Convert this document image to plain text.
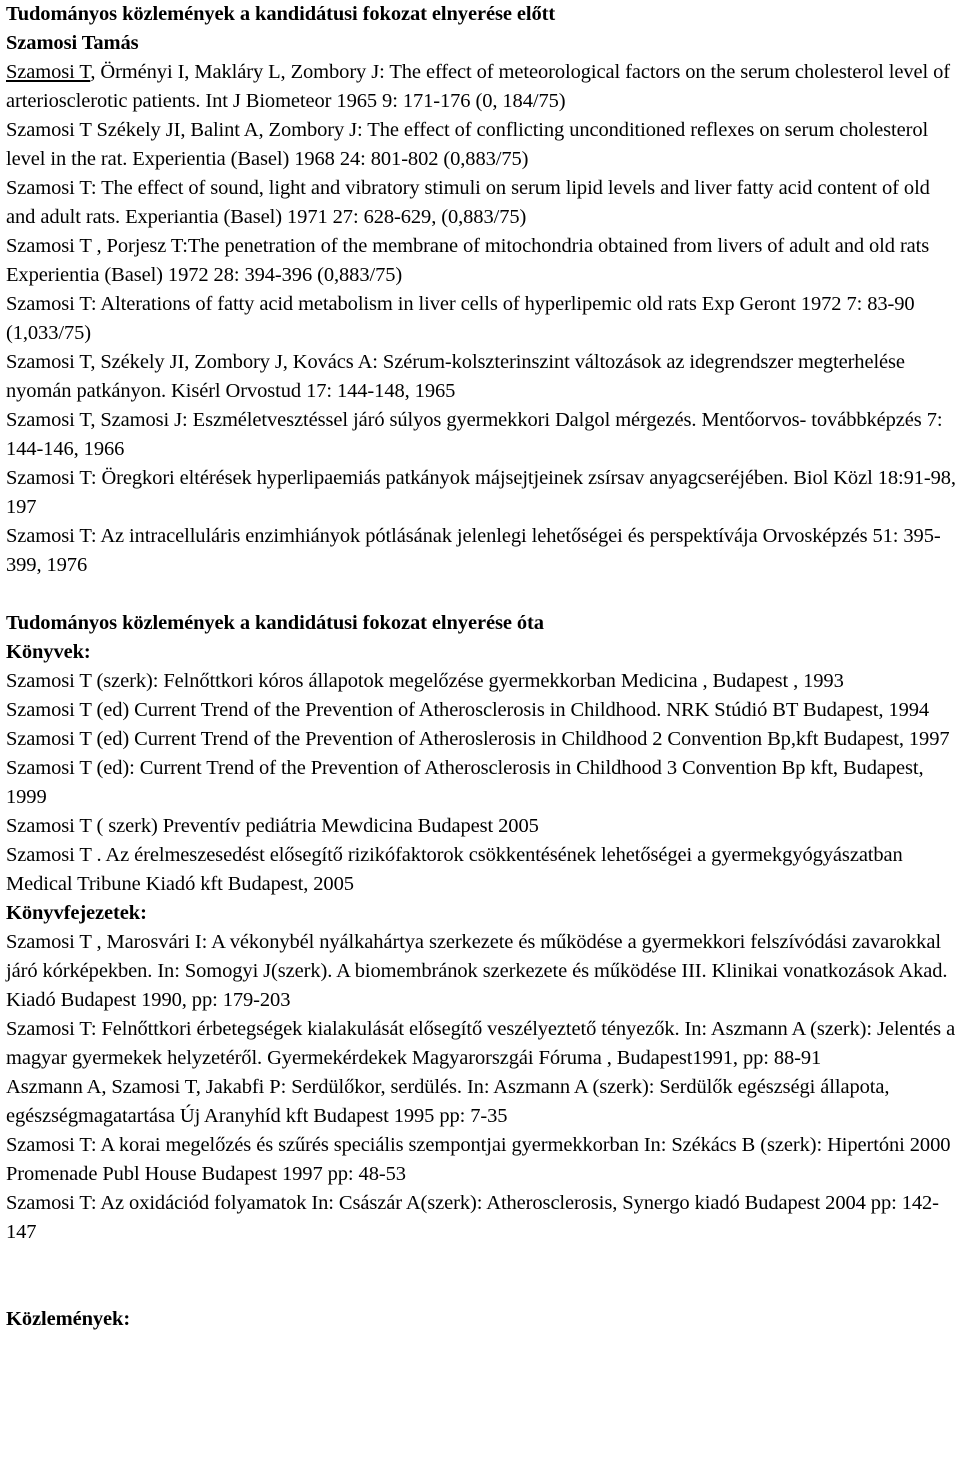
Tudományos közlemények a kandidátusi fokozat elnyerése előtt

Szamosi Tamás

Szamosi T, Örményi I, Makláry L, Zombory J: The effect of meteorological factors on the serum cholesterol level of arteriosclerotic patients. Int J Biometeor 1965 9: 171-176 (0, 184/75)

Szamosi T Székely JI, Balint A, Zombory J: The effect of conflicting unconditioned reflexes on serum cholesterol level in the rat. Experientia (Basel) 1968 24: 801-802 (0,883/75)

Szamosi T: The effect of sound, light and vibratory stimuli on serum lipid levels and liver fatty acid content of old and adult rats. Experiantia (Basel) 1971 27: 628-629, (0,883/75)

Szamosi T , Porjesz T:The penetration of the membrane of mitochondria obtained from livers of adult and old rats Experientia (Basel) 1972 28: 394-396 (0,883/75)

Szamosi T: Alterations of fatty acid metabolism in liver cells of hyperlipemic old rats Exp Geront 1972 7: 83-90 (1,033/75)

Szamosi T, Székely JI, Zombory J, Kovács A: Szérum-kolszterinszint változások az idegrendszer megterhelése nyomán patkányon. Kisérl Orvostud 17: 144-148, 1965

Szamosi T, Szamosi J: Eszméletvesztéssel járó súlyos gyermekkori Dalgol mérgezés. Mentőorvos- továbbképzés 7: 144-146, 1966

Szamosi T: Öregkori eltérések hyperlipaemiás patkányok májsejtjeinek zsírsav anyagcseréjében. Biol Közl 18:91-98, 197

Szamosi T: Az intracelluláris enzimhiányok pótlásának jelenlegi lehetőségei és perspektívája Orvosképzés 51: 395-399, 1976

Tudományos közlemények a kandidátusi fokozat elnyerése óta

Könyvek:

Szamosi T (szerk): Felnőttkori kóros állapotok megelőzése gyermekkorban Medicina , Budapest , 1993

Szamosi T (ed) Current Trend of the Prevention of Atherosclerosis in Childhood. NRK Stúdió BT Budapest, 1994

Szamosi T (ed) Current Trend of the Prevention of Atheroslerosis in Childhood 2 Convention Bp,kft Budapest, 1997

Szamosi T (ed): Current Trend of the Prevention of Atherosclerosis in Childhood 3 Convention Bp kft, Budapest, 1999

Szamosi T ( szerk) Preventív pediátria Mewdicina Budapest 2005

Szamosi T . Az érelmeszesedést elősegítő rizikófaktorok csökkentésének lehetőségei a gyermekgyógyászatban Medical Tribune Kiadó kft Budapest, 2005

Könyvfejezetek:

Szamosi T , Marosvári I: A vékonybél nyálkahártya szerkezete és működése a gyermekkori felszívódási zavarokkal járó kórképekben. In: Somogyi J(szerk). A biomembránok szerkezete és működése III. Klinikai vonatkozások Akad. Kiadó Budapest 1990, pp: 179-203

Szamosi T: Felnőttkori érbetegségek kialakulását elősegítő veszélyeztető tényezők. In: Aszmann A (szerk): Jelentés a magyar gyermekek helyzetéről. Gyermekérdekek Magyarorszgái Fóruma , Budapest1991, pp: 88-91

Aszmann A, Szamosi T, Jakabfi P: Serdülőkor, serdülés. In: Aszmann A (szerk): Serdülők egészségi állapota, egészségmagatartása Új Aranyhíd kft Budapest 1995 pp: 7-35

Szamosi T: A korai megelőzés és szűrés speciális szempontjai gyermekkorban In: Székács B (szerk): Hipertóni 2000 Promenade Publ House Budapest 1997 pp: 48-53

Szamosi T: Az oxidációd folyamatok In: Császár A(szerk): Atherosclerosis, Synergo kiadó Budapest 2004 pp: 142-147

Közlemények:
